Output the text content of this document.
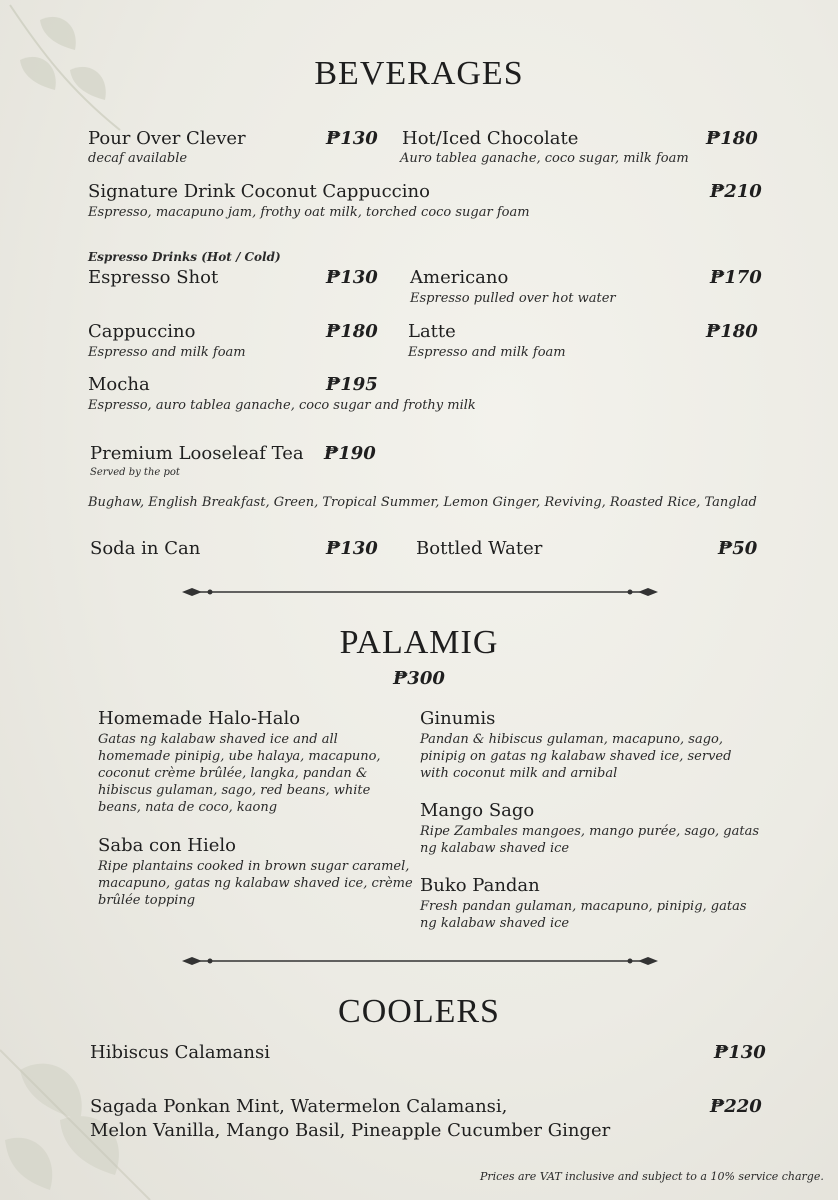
BEVERAGES
Pour Over Clever	₱130
decaf available
Hot/Iced Chocolate	₱180
Auro tablea ganache, coco sugar, milk foam
Signature Drink Coconut Cappuccino	₱210
Espresso, macapuno jam, frothy oat milk, torched coco sugar foam
Espresso Drinks (Hot / Cold)
Espresso Shot	₱130 Americano	₱170
Espresso pulled over hot water
Cappuccino	₱180
Espresso and milk foam
Latte	₱180
Espresso and milk foam
Mocha	₱195
Espresso, auro tablea ganache, coco sugar and frothy milk
Premium Looseleaf Tea ₱190
Served by the pot
Bughaw, English Breakfast, Green, Tropical Summer, Lemon Ginger, Reviving, Roasted Rice, Tanglad
Soda in Can	₱130 Bottled Water	₱50
PALAMIG
₱300
Homemade Halo-Halo
Gatas ng kalabaw shaved ice and all homemade pinipig, ube halaya, macapuno, coconut crème brûlée, langka, pandan & hibiscus gulaman, sago, red beans, white beans, nata de coco, kaong
Saba con Hielo
Ripe plantains cooked in brown sugar caramel, macapuno, gatas ng kalabaw shaved ice, crème brûlée topping
Ginumis
Pandan & hibiscus gulaman, macapuno, sago, pinipig on gatas ng kalabaw shaved ice, served with coconut milk and arnibal
Mango Sago
Ripe Zambales mangoes, mango purée, sago, gatas ng kalabaw shaved ice
Buko Pandan
Fresh pandan gulaman, macapuno, pinipig, gatas ng kalabaw shaved ice
COOLERS
Hibiscus Calamansi	₱130
Sagada Ponkan Mint, Watermelon Calamansi,
Melon Vanilla, Mango Basil, Pineapple Cucumber Ginger
₱220
Prices are VAT inclusive and subject to a 10% service charge.
